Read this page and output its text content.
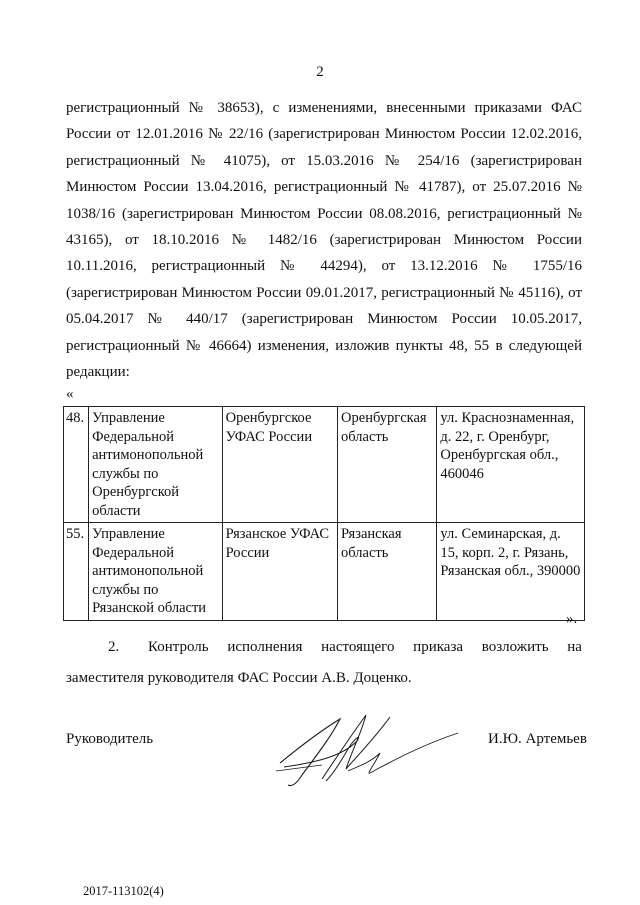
2

регистрационный № 38653), с изменениями, внесенными приказами ФАС России от 12.01.2016 № 22/16 (зарегистрирован Минюстом России 12.02.2016, регистрационный № 41075), от 15.03.2016 № 254/16 (зарегистрирован Минюстом России 13.04.2016, регистрационный № 41787), от 25.07.2016 № 1038/16 (зарегистрирован Минюстом России 08.08.2016, регистрационный № 43165), от 18.10.2016 № 1482/16 (зарегистрирован Минюстом России 10.11.2016, регистрационный № 44294), от 13.12.2016 № 1755/16 (зарегистрирован Минюстом России 09.01.2017, регистрационный № 45116), от 05.04.2017 № 440/17 (зарегистрирован Минюстом России 10.05.2017, регистрационный № 46664) изменения, изложив пункты 48, 55 в следующей редакции:

«
48.	Управление Федеральной антимонопольной службы по Оренбургской области	Оренбургское УФАС России	Оренбургская область	ул. Краснознаменная, д. 22, г. Оренбург, Оренбургская обл., 460046
55.	Управление Федеральной антимонопольной службы по Рязанской области	Рязанское УФАС России	Рязанская область	ул. Семинарская, д. 15, корп. 2, г. Рязань, Рязанская обл., 390000
».
2. Контроль исполнения настоящего приказа возложить на
заместителя руководителя ФАС России А.В. Доценко.
Руководитель	И.Ю. Артемьев
2017-113102(4)
